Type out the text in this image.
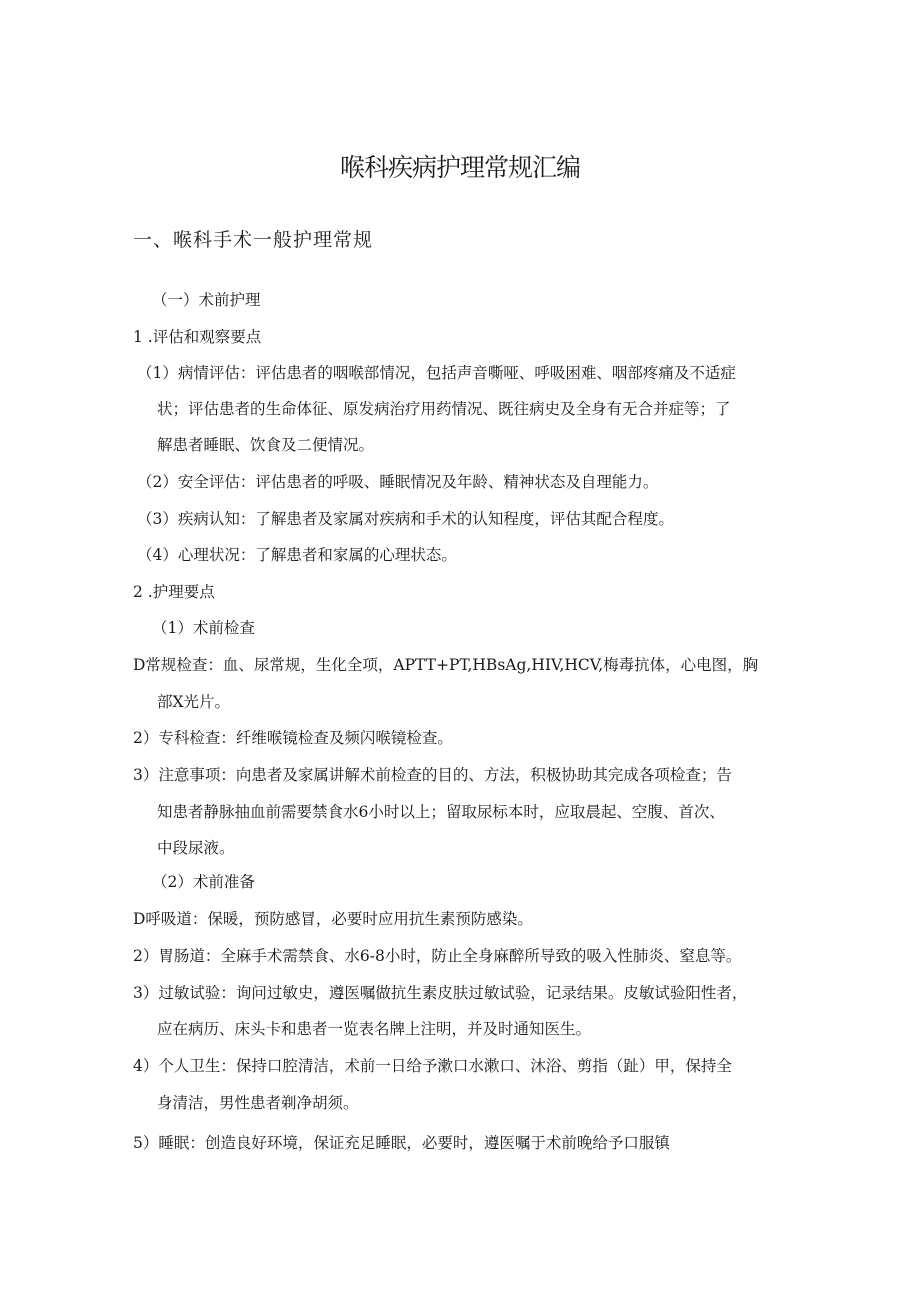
喉科疾病护理常规汇编
一、喉科手术一般护理常规

（一）术前护理

1 .评估和观察要点

（1）病情评估：评估患者的咽喉部情况，包括声音嘶哑、呼吸困难、咽部疼痛及不适症

状；评估患者的生命体征、原发病治疗用药情况、既往病史及全身有无合并症等；了

解患者睡眠、饮食及二便情况。

（2）安全评估：评估患者的呼吸、睡眠情况及年龄、精神状态及自理能力。

（3）疾病认知：了解患者及家属对疾病和手术的认知程度，评估其配合程度。

（4）心理状况：了解患者和家属的心理状态。

2 .护理要点

（1）术前检查

D常规检查：血、尿常规，生化全项，APTT+PT,HBsAg,HIV,HCV,梅毒抗体，心电图，胸

部X光片。

2）专科检查：纤维喉镜检查及频闪喉镜检查。

3）注意事项：向患者及家属讲解术前检查的目的、方法，积极协助其完成各项检查；告

知患者静脉抽血前需要禁食水6小时以上；留取尿标本时，应取晨起、空腹、首次、

中段尿液。

（2）术前准备

D呼吸道：保暖，预防感冒，必要时应用抗生素预防感染。

2）胃肠道：全麻手术需禁食、水6-8小时，防止全身麻醉所导致的吸入性肺炎、窒息等。

3）过敏试验：询问过敏史，遵医嘱做抗生素皮肤过敏试验，记录结果。皮敏试验阳性者，

应在病历、床头卡和患者一览表名牌上注明，并及时通知医生。

4）个人卫生：保持口腔清洁，术前一日给予漱口水漱口、沐浴、剪指（趾）甲，保持全

身清洁，男性患者剃净胡须。

5）睡眠：创造良好环境，保证充足睡眠，必要时，遵医嘱于术前晚给予口服镇
